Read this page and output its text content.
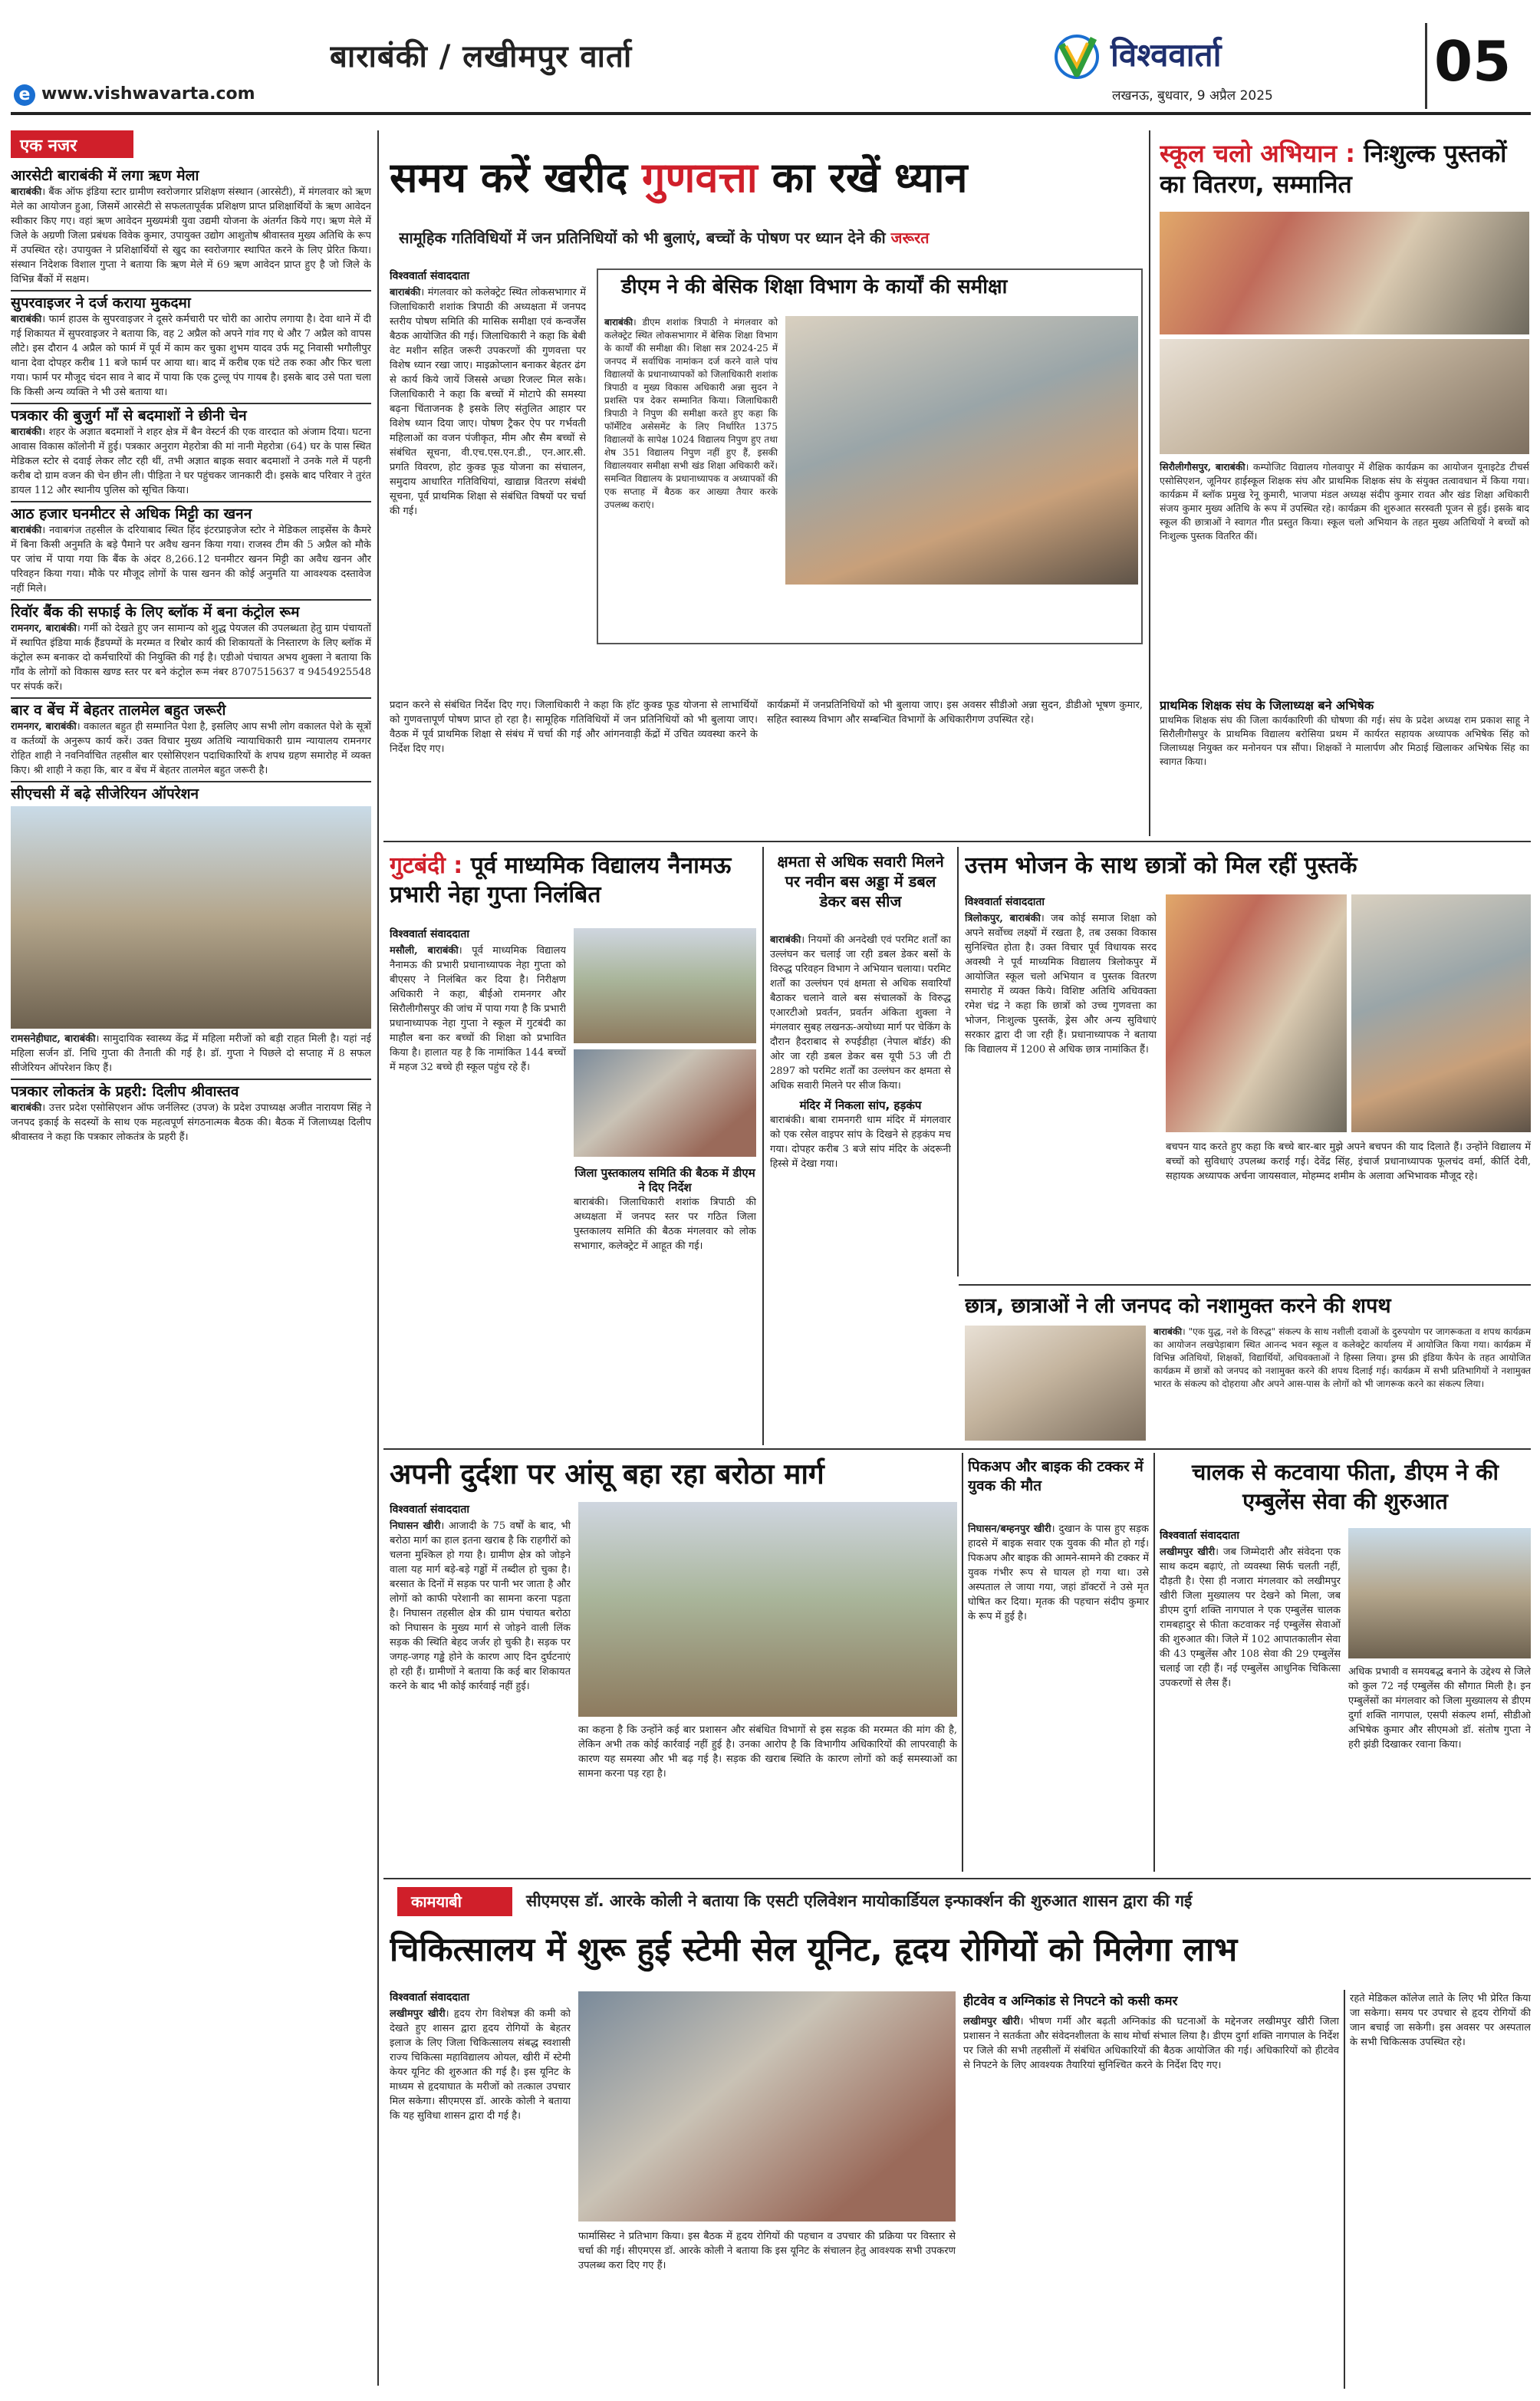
बाराबंकी / लखीमपुर वार्ता
e www.vishwavarta.com
विश्ववार्ता
लखनऊ, बुधवार, 9 अप्रैल 2025
05
एक नजर
आरसेटी बाराबंकी में लगा ऋण मेला

बाराबंकी। बैंक ऑफ इंडिया स्टार ग्रामीण स्वरोजगार प्रशिक्षण संस्थान (आरसेटी), में मंगलवार को ऋण मेले का आयोजन हुआ, जिसमें आरसेटी से सफलतापूर्वक प्रशिक्षण प्राप्त प्रशिक्षार्थियों के ऋण आवेदन स्वीकार किए गए। वहां ऋण आवेदन मुख्यमंत्री युवा उद्यमी योजना के अंतर्गत किये गए। ऋण मेले में जिले के अग्रणी जिला प्रबंधक विवेक कुमार, उपायुक्त उद्योग आशुतोष श्रीवास्तव मुख्य अतिथि के रूप में उपस्थित रहे। उपायुक्त ने प्रशिक्षार्थियों से खुद का स्वरोजगार स्थापित करने के लिए प्रेरित किया। संस्थान निदेशक विशाल गुप्ता ने बताया कि ऋण मेले में 69 ऋण आवेदन प्राप्त हुए है जो जिले के विभिन्न बैंकों में सक्षम।

सुपरवाइजर ने दर्ज कराया मुकदमा

बाराबंकी। फार्म हाउस के सुपरवाइजर ने दूसरे कर्मचारी पर चोरी का आरोप लगाया है। देवा थाने में दी गई शिकायत में सुपरवाइजर ने बताया कि, वह 2 अप्रैल को अपने गांव गए थे और 7 अप्रैल को वापस लौटे। इस दौरान 4 अप्रैल को फार्म में पूर्व में काम कर चुका शुभम यादव उर्फ मटू निवासी भगौलीपुर थाना देवा दोपहर करीब 11 बजे फार्म पर आया था। बाद में करीब एक घंटे तक रुका और फिर चला गया। फार्म पर मौजूद चंदन साव ने बाद में पाया कि एक टुल्लू पंप गायब है। इसके बाद उसे पता चला कि किसी अन्य व्यक्ति ने भी उसे बताया था।

पत्रकार की बुजुर्ग माँ से बदमाशों ने छीनी चेन

बाराबंकी। शहर के अज्ञात बदमाशों ने शहर क्षेत्र में बैन वेस्टर्न की एक वारदात को अंजाम दिया। घटना आवास विकास कॉलोनी में हुई। पत्रकार अनुराग मेहरोत्रा की मां नानी मेहरोत्रा (64) घर के पास स्थित मेडिकल स्टोर से दवाई लेकर लौट रही थीं, तभी अज्ञात बाइक सवार बदमाशों ने उनके गले में पहनी करीब दो ग्राम वजन की चेन छीन ली। पीड़िता ने घर पहुंचकर जानकारी दी। इसके बाद परिवार ने तुरंत डायल 112 और स्थानीय पुलिस को सूचित किया।

आठ हजार घनमीटर से अधिक मिट्टी का खनन

बाराबंकी। नवाबगंज तहसील के दरियाबाद स्थित हिंद इंटरप्राइजेज स्टोर ने मेडिकल लाइसेंस के कैमरे में बिना किसी अनुमति के बड़े पैमाने पर अवैध खनन किया गया। राजस्व टीम की 5 अप्रैल को मौके पर जांच में पाया गया कि बैंक के अंदर 8,266.12 घनमीटर खनन मिट्टी का अवैध खनन और परिवहन किया गया। मौके पर मौजूद लोगों के पास खनन की कोई अनुमति या आवश्यक दस्तावेज नहीं मिले।

रिवॉर बैंक की सफाई के लिए ब्लॉक में बना कंट्रोल रूम

रामनगर, बाराबंकी। गर्मी को देखते हुए जन सामान्य को शुद्ध पेयजल की उपलब्धता हेतु ग्राम पंचायतों में स्थापित इंडिया मार्क हैंडपम्पों के मरम्मत व रिबोर कार्य की शिकायतों के निस्तारण के लिए ब्लॉक में कंट्रोल रूम बनाकर दो कर्मचारियों की नियुक्ति की गई है। एडीओ पंचायत अभय शुक्ला ने बताया कि गाँव के लोगों को विकास खण्ड स्तर पर बने कंट्रोल रूम नंबर 8707515637 व 9454925548 पर संपर्क करें।

बार व बेंच में बेहतर तालमेल बहुत जरूरी

रामनगर, बाराबंकी। वकालत बहुत ही सम्मानित पेशा है, इसलिए आप सभी लोग वकालत पेशे के सूत्रों व कर्तव्यों के अनुरूप कार्य करें। उक्त विचार मुख्य अतिथि न्यायाधिकारी ग्राम न्यायालय रामनगर रोहित शाही ने नवनिर्वाचित तहसील बार एसोसिएशन पदाधिकारियों के शपथ ग्रहण समारोह में व्यक्त किए। श्री शाही ने कहा कि, बार व बेंच में बेहतर तालमेल बहुत जरूरी है।

सीएचसी में बढ़े सीजेरियन ऑपरेशन

रामसनेहीघाट, बाराबंकी। सामुदायिक स्वास्थ्य केंद्र में महिला मरीजों को बड़ी राहत मिली है। यहां नई महिला सर्जन डॉ. निधि गुप्ता की तैनाती की गई है। डॉ. गुप्ता ने पिछले दो सप्ताह में 8 सफल सीजेरियन ऑपरेशन किए हैं।

पत्रकार लोकतंत्र के प्रहरी: दिलीप श्रीवास्तव

बाराबंकी। उत्तर प्रदेश एसोसिएशन ऑफ जर्नलिस्ट (उपज) के प्रदेश उपाध्यक्ष अजीत नारायण सिंह ने जनपद इकाई के सदस्यों के साथ एक महत्वपूर्ण संगठनात्मक बैठक की। बैठक में जिलाध्यक्ष दिलीप श्रीवास्तव ने कहा कि पत्रकार लोकतंत्र के प्रहरी हैं।

समय करें खरीद गुणवत्ता का रखें ध्यान
सामूहिक गतिविधियों में जन प्रतिनिधियों को भी बुलाएं, बच्चों के पोषण पर ध्यान देने की जरूरत
विश्ववार्ता संवाददाता

बाराबंकी। मंगलवार को कलेक्ट्रेट स्थित लोकसभागार में जिलाधिकारी शशांक त्रिपाठी की अध्यक्षता में जनपद स्तरीय पोषण समिति की मासिक समीक्षा एवं कन्वर्जेंस बैठक आयोजित की गई। जिलाधिकारी ने कहा कि बेबी वेट मशीन सहित जरूरी उपकरणों की गुणवत्ता पर विशेष ध्यान रखा जाए। माइक्रोप्लान बनाकर बेहतर ढंग से कार्य किये जायें जिससे अच्छा रिजल्ट मिल सके। जिलाधिकारी ने कहा कि बच्चों में मोटापे की समस्या बढ़ना चिंताजनक है इसके लिए संतुलित आहार पर विशेष ध्यान दिया जाए। पोषण ट्रैकर ऐप पर गर्भवती महिलाओं का वजन पंजीकृत, मीम और सैम बच्चों से संबंधित सूचना, वी.एच.एस.एन.डी., एन.आर.सी. प्रगति विवरण, होट कुक्ड फूड योजना का संचालन, समुदाय आधारित गतिविधियां, खाद्यान्न वितरण संबंधी सूचना, पूर्व प्राथमिक शिक्षा से संबंधित विषयों पर चर्चा की गई।

डीएम ने की बेसिक शिक्षा विभाग के कार्यों की समीक्षा

बाराबंकी। डीएम शशांक त्रिपाठी ने मंगलवार को कलेक्ट्रेट स्थित लोकसभागार में बेसिक शिक्षा विभाग के कार्यों की समीक्षा की। शिक्षा सत्र 2024-25 में जनपद में सर्वाधिक नामांकन दर्ज करने वाले पांच विद्यालयों के प्रधानाध्यापकों को जिलाधिकारी शशांक त्रिपाठी व मुख्य विकास अधिकारी अन्ना सुदन ने प्रशस्ति पत्र देकर सम्मानित किया। जिलाधिकारी त्रिपाठी ने निपुण की समीक्षा करते हुए कहा कि फॉर्मेटिव असेसमेंट के लिए निर्धारित 1375 विद्यालयों के सापेक्ष 1024 विद्यालय निपुण हुए तथा शेष 351 विद्यालय निपुण नहीं हुए हैं, इसकी विद्यालयवार समीक्षा सभी खंड शिक्षा अधिकारी करें। समन्वित विद्यालय के प्रधानाध्यापक व अध्यापकों की एक सप्ताह में बैठक कर आख्या तैयार करके उपलब्ध कराएं।

प्रदान करने से संबंधित निर्देश दिए गए। जिलाधिकारी ने कहा कि हॉट कुक्ड फूड योजना से लाभार्थियों को गुणवत्तापूर्ण पोषण प्राप्त हो रहा है। सामूहिक गतिविधियों में जन प्रतिनिधियों को भी बुलाया जाए। वैठक में पूर्व प्राथमिक शिक्षा से संबंध में चर्चा की गई और आंगनवाड़ी केंद्रों में उचित व्यवस्था करने के निर्देश दिए गए।

कार्यक्रमों में जनप्रतिनिधियों को भी बुलाया जाए। इस अवसर सीडीओ अन्ना सुदन, डीडीओ भूषण कुमार, सहित स्वास्थ्य विभाग और सम्बन्धित विभागों के अधिकारीगण उपस्थित रहे।

स्कूल चलो अभियान : निःशुल्क पुस्तकों का वितरण, सम्मानित

सिरौलीगौसपुर, बाराबंकी। कम्पोजिट विद्यालय गोलवापुर में शैक्षिक कार्यक्रम का आयोजन यूनाइटेड टीचर्स एसोसिएशन, जूनियर हाईस्कूल शिक्षक संघ और प्राथमिक शिक्षक संघ के संयुक्त तत्वावधान में किया गया। कार्यक्रम में ब्लॉक प्रमुख रेनू कुमारी, भाजपा मंडल अध्यक्ष संदीप कुमार रावत और खंड शिक्षा अधिकारी संजय कुमार मुख्य अतिथि के रूप में उपस्थित रहे। कार्यक्रम की शुरुआत सरस्वती पूजन से हुई। इसके बाद स्कूल की छात्राओं ने स्वागत गीत प्रस्तुत किया। स्कूल चलो अभियान के तहत मुख्य अतिथियों ने बच्चों को निःशुल्क पुस्तक वितरित कीं।

प्राथमिक शिक्षक संघ के जिलाध्यक्ष बने अभिषेक

प्राथमिक शिक्षक संघ की जिला कार्यकारिणी की घोषणा की गई। संघ के प्रदेश अध्यक्ष राम प्रकाश साहू ने सिरौलीगौसपुर के प्राथमिक विद्यालय बरोसिया प्रथम में कार्यरत सहायक अध्यापक अभिषेक सिंह को जिलाध्यक्ष नियुक्त कर मनोनयन पत्र सौंपा। शिक्षकों ने मालार्पण और मिठाई खिलाकर अभिषेक सिंह का स्वागत किया।

गुटबंदी : पूर्व माध्यमिक विद्यालय नैनामऊ प्रभारी नेहा गुप्ता निलंबित
विश्ववार्ता संवाददाता

मसौली, बाराबंकी। पूर्व माध्यमिक विद्यालय नैनामऊ की प्रभारी प्रधानाध्यापक नेहा गुप्ता को बीएसए ने निलंबित कर दिया है। निरीक्षण अधिकारी ने कहा, बीईओ रामनगर और सिरौलीगौसपुर की जांच में पाया गया है कि प्रभारी प्रधानाध्यापक नेहा गुप्ता ने स्कूल में गुटबंदी का माहौल बना कर बच्चों की शिक्षा को प्रभावित किया है। हालात यह है कि नामांकित 144 बच्चों में महज 32 बच्चे ही स्कूल पहुंच रहे हैं।

जिला पुस्तकालय समिति की बैठक में डीएम ने दिए निर्देश

बाराबंकी। जिलाधिकारी शशांक त्रिपाठी की अध्यक्षता में जनपद स्तर पर गठित जिला पुस्तकालय समिति की बैठक मंगलवार को लोक सभागार, कलेक्ट्रेट में आहूत की गई।

क्षमता से अधिक सवारी मिलने पर नवीन बस अड्डा में डबल डेकर बस सीज

बाराबंकी। नियमों की अनदेखी एवं परमिट शर्तों का उल्लंघन कर चलाई जा रही डबल डेकर बसों के विरुद्ध परिवहन विभाग ने अभियान चलाया। परमिट शर्तों का उल्लंघन एवं क्षमता से अधिक सवारियाँ बैठाकर चलाने वाले बस संचालकों के विरुद्ध एआरटीओ प्रवर्तन, प्रवर्तन अंकिता शुक्ला ने मंगलवार सुबह लखनऊ-अयोध्या मार्ग पर चेकिंग के दौरान हैदराबाद से रुपईडीहा (नेपाल बॉर्डर) की ओर जा रही डबल डेकर बस यूपी 53 जी टी 2897 को परमिट शर्तों का उल्लंघन कर क्षमता से अधिक सवारी मिलने पर सीज किया।

मंदिर में निकला सांप, हड़कंप

बाराबंकी। बाबा रामनगरी धाम मंदिर में मंगलवार को एक रसेल वाइपर सांप के दिखने से हड़कंप मच गया। दोपहर करीब 3 बजे सांप मंदिर के अंदरूनी हिस्से में देखा गया।

उत्तम भोजन के साथ छात्रों को मिल रहीं पुस्तकें
विश्ववार्ता संवाददाता

त्रिलोकपुर, बाराबंकी। जब कोई समाज शिक्षा को अपने सर्वोच्च लक्ष्यों में रखता है, तब उसका विकास सुनिश्चित होता है। उक्त विचार पूर्व विधायक सरद अवस्थी ने पूर्व माध्यमिक विद्यालय त्रिलोकपुर में आयोजित स्कूल चलो अभियान व पुस्तक वितरण समारोह में व्यक्त किये। विशिष्ट अतिथि अधिवक्ता रमेश चंद्र ने कहा कि छात्रों को उच्च गुणवत्ता का भोजन, निःशुल्क पुस्तकें, ड्रेस और अन्य सुविधाएं सरकार द्वारा दी जा रही हैं। प्रधानाध्यापक ने बताया कि विद्यालय में 1200 से अधिक छात्र नामांकित हैं।

बचपन याद करते हुए कहा कि बच्चे बार-बार मुझे अपने बचपन की याद दिलाते हैं। उन्होंने विद्यालय में बच्चों को सुविधाएं उपलब्ध कराई गई। देवेंद्र सिंह, इंचार्ज प्रधानाध्यापक फूलचंद वर्मा, कीर्ति देवी, सहायक अध्यापक अर्चना जायसवाल, मोहम्मद शमीम के अलावा अभिभावक मौजूद रहे।

छात्र, छात्राओं ने ली जनपद को नशामुक्त करने की शपथ

बाराबंकी। "एक युद्ध, नशे के विरुद्ध" संकल्प के साथ नशीली दवाओं के दुरुपयोग पर जागरूकता व शपथ कार्यक्रम का आयोजन लखपेड़ाबाग स्थित आनन्द भवन स्कूल व कलेक्ट्रेट कार्यालय में आयोजित किया गया। कार्यक्रम में विभिन्न अतिथियों, शिक्षकों, विद्यार्थियों, अधिवक्ताओं ने हिस्सा लिया। ड्रग्स फ्री इंडिया कैंपेन के तहत आयोजित कार्यक्रम में छात्रों को जनपद को नशामुक्त करने की शपथ दिलाई गई। कार्यक्रम में सभी प्रतिभागियों ने नशामुक्त भारत के संकल्प को दोहराया और अपने आस-पास के लोगों को भी जागरूक करने का संकल्प लिया।

अपनी दुर्दशा पर आंसू बहा रहा बरोठा मार्ग
विश्ववार्ता संवाददाता

निघासन खीरी। आजादी के 75 वर्षों के बाद, भी बरोठा मार्ग का हाल इतना खराब है कि राहगीरों को चलना मुश्किल हो गया है। ग्रामीण क्षेत्र को जोड़ने वाला यह मार्ग बड़े-बड़े गड्ढों में तब्दील हो चुका है। बरसात के दिनों में सड़क पर पानी भर जाता है और लोगों को काफी परेशानी का सामना करना पड़ता है। निघासन तहसील क्षेत्र की ग्राम पंचायत बरोठा को निघासन के मुख्य मार्ग से जोड़ने वाली लिंक सड़क की स्थिति बेहद जर्जर हो चुकी है। सड़क पर जगह-जगह गड्ढे होने के कारण आए दिन दुर्घटनाएं हो रही हैं। ग्रामीणों ने बताया कि कई बार शिकायत करने के बाद भी कोई कार्रवाई नहीं हुई।

का कहना है कि उन्होंने कई बार प्रशासन और संबंधित विभागों से इस सड़क की मरम्मत की मांग की है, लेकिन अभी तक कोई कार्रवाई नहीं हुई है। उनका आरोप है कि विभागीय अधिकारियों की लापरवाही के कारण यह समस्या और भी बढ़ गई है। सड़क की खराब स्थिति के कारण लोगों को कई समस्याओं का सामना करना पड़ रहा है।

पिकअप और बाइक की टक्कर में युवक की मौत

निघासन/बम्हनपुर खीरी। दुखान के पास हुए सड़क हादसे में बाइक सवार एक युवक की मौत हो गई। पिकअप और बाइक की आमने-सामने की टक्कर में युवक गंभीर रूप से घायल हो गया था। उसे अस्पताल ले जाया गया, जहां डॉक्टरों ने उसे मृत घोषित कर दिया। मृतक की पहचान संदीप कुमार के रूप में हुई है।

चालक से कटवाया फीता, डीएम ने की एम्बुलेंस सेवा की शुरुआत
विश्ववार्ता संवाददाता

लखीमपुर खीरी। जब जिम्मेदारी और संवेदना एक साथ कदम बढ़ाएं, तो व्यवस्था सिर्फ चलती नहीं, दौड़ती है। ऐसा ही नजारा मंगलवार को लखीमपुर खीरी जिला मुख्यालय पर देखने को मिला, जब डीएम दुर्गा शक्ति नागपाल ने एक एम्बुलेंस चालक रामबहादुर से फीता कटवाकर नई एम्बुलेंस सेवाओं की शुरुआत की। जिले में 102 आपातकालीन सेवा की 43 एम्बुलेंस और 108 सेवा की 29 एम्बुलेंस चलाई जा रही हैं। नई एम्बुलेंस आधुनिक चिकित्सा उपकरणों से लैस हैं।

अधिक प्रभावी व समयबद्ध बनाने के उद्देश्य से जिले को कुल 72 नई एम्बुलेंस की सौगात मिली है। इन एम्बुलेंसों का मंगलवार को जिला मुख्यालय से डीएम दुर्गा शक्ति नागपाल, एसपी संकल्प शर्मा, सीडीओ अभिषेक कुमार और सीएमओ डॉ. संतोष गुप्ता ने हरी झंडी दिखाकर रवाना किया।

कामयाबी	सीएमएस डॉ. आरके कोली ने बताया कि एसटी एलिवेशन मायोकार्डियल इन्फार्क्शन की शुरुआत शासन द्वारा की गई
चिकित्सालय में शुरू हुई स्टेमी सेल यूनिट, हृदय रोगियों को मिलेगा लाभ
विश्ववार्ता संवाददाता

लखीमपुर खीरी। हृदय रोग विशेषज्ञ की कमी को देखते हुए शासन द्वारा हृदय रोगियों के बेहतर इलाज के लिए जिला चिकित्सालय संबद्ध स्वशासी राज्य चिकित्सा महाविद्यालय ओयल, खीरी में स्टेमी केयर यूनिट की शुरुआत की गई है। इस यूनिट के माध्यम से हृदयाघात के मरीजों को तत्काल उपचार मिल सकेगा। सीएमएस डॉ. आरके कोली ने बताया कि यह सुविधा शासन द्वारा दी गई है।

फार्मासिस्ट ने प्रतिभाग किया। इस बैठक में हृदय रोगियों की पहचान व उपचार की प्रक्रिया पर विस्तार से चर्चा की गई। सीएमएस डॉ. आरके कोली ने बताया कि इस यूनिट के संचालन हेतु आवश्यक सभी उपकरण उपलब्ध करा दिए गए हैं।

हीटवेव व अग्निकांड से निपटने को कसी कमर

लखीमपुर खीरी। भीषण गर्मी और बढ़ती अग्निकांड की घटनाओं के मद्देनजर लखीमपुर खीरी जिला प्रशासन ने सतर्कता और संवेदनशीलता के साथ मोर्चा संभाल लिया है। डीएम दुर्गा शक्ति नागपाल के निर्देश पर जिले की सभी तहसीलों में संबंधित अधिकारियों की बैठक आयोजित की गई। अधिकारियों को हीटवेव से निपटने के लिए आवश्यक तैयारियां सुनिश्चित करने के निर्देश दिए गए।

रहते मेडिकल कॉलेज लाते के लिए भी प्रेरित किया जा सकेगा। समय पर उपचार से हृदय रोगियों की जान बचाई जा सकेगी। इस अवसर पर अस्पताल के सभी चिकित्सक उपस्थित रहे।
